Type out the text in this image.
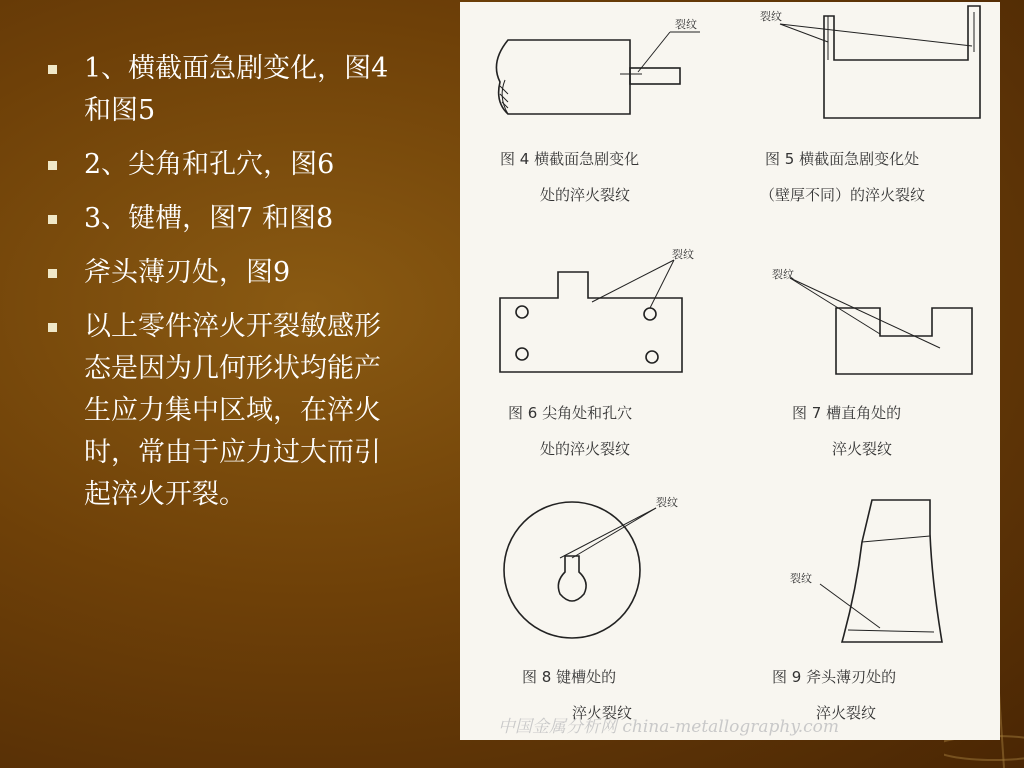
1、横截面急剧变化，图4 和图5
2、尖角和孔穴，图6
3、键槽，图7 和图8
斧头薄刃处，图9
以上零件淬火开裂敏感形态是因为几何形状均能产生应力集中区域，在淬火时，常由于应力过大而引起淬火开裂。
裂纹
裂纹
图 4 横截面急剧变化
处的淬火裂纹
图 5 横截面急剧变化处
（壁厚不同）的淬火裂纹
裂纹
裂纹
图 6 尖角处和孔穴
处的淬火裂纹
图 7 槽直角处的
淬火裂纹
裂纹
裂纹
图 8 键槽处的
淬火裂纹
图 9 斧头薄刃处的
淬火裂纹
中国金属分析网 china-metallography.com
